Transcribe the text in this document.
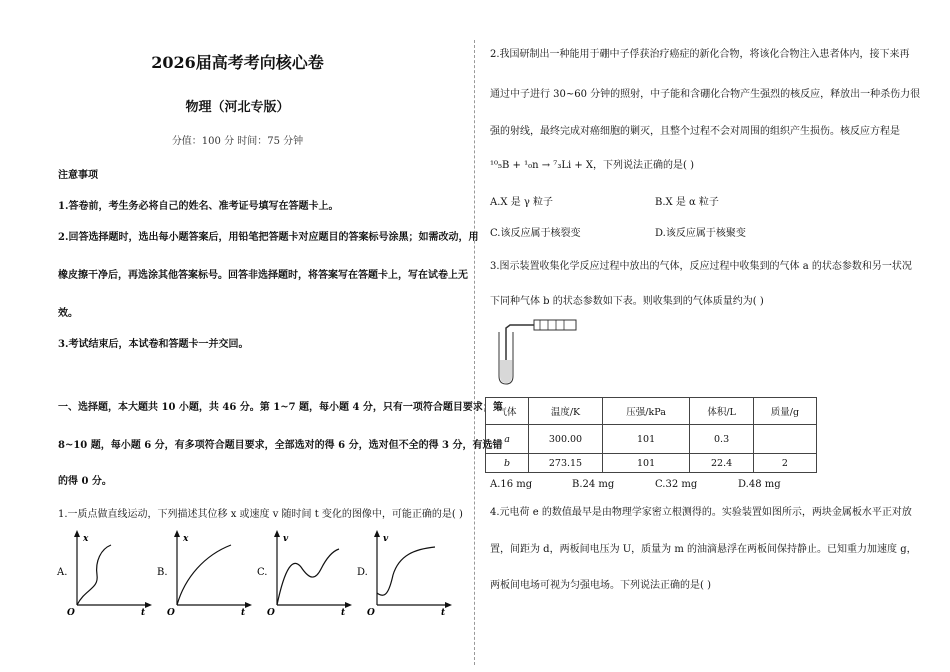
2026届高考考向核心卷
物理（河北专版）
分值：100 分 时间：75 分钟
注意事项
1.答卷前，考生务必将自己的姓名、准考证号填写在答题卡上。
2.回答选择题时，选出每小题答案后，用铅笔把答题卡对应题目的答案标号涂黑；如需改动，用
橡皮擦干净后，再选涂其他答案标号。回答非选择题时，将答案写在答题卡上，写在试卷上无
效。
3.考试结束后，本试卷和答题卡一并交回。
一、选择题，本大题共 10 小题，共 46 分。第 1~7 题，每小题 4 分，只有一项符合题目要求；第
8~10 题，每小题 6 分，有多项符合题目要求，全部选对的得 6 分，选对但不全的得 3 分，有选错
的得 0 分。
1.一质点做直线运动，下列描述其位移 x 或速度 v 随时间 t 变化的图像中，可能正确的是( )
A.
x
t
O
B.
x
t
O
C.
v
t
O
D.
v
t
O
2.我国研制出一种能用于硼中子俘获治疗癌症的新化合物，将该化合物注入患者体内，接下来再
通过中子进行 30~60 分钟的照射，中子能和含硼化合物产生强烈的核反应，释放出一种杀伤力很
强的射线，最终完成对癌细胞的剿灭，且整个过程不会对周围的组织产生损伤。核反应方程是
¹⁰₅B + ¹₀n → ⁷₃Li + X，下列说法正确的是( )
A.X 是 γ 粒子	B.X 是 α 粒子
C.该反应属于核裂变	D.该反应属于核聚变
3.图示装置收集化学反应过程中放出的气体，反应过程中收集到的气体 a 的状态参数和另一状况
下同种气体 b 的状态参数如下表。则收集到的气体质量约为( )
气体	温度/K	压强/kPa	体积/L	质量/g
a	300.00	101	0.3	
b	273.15	101	22.4	2
A.16 mg	B.24 mg	C.32 mg	D.48 mg
4.元电荷 e 的数值最早是由物理学家密立根测得的。实验装置如图所示，两块金属板水平正对放
置，间距为 d，两板间电压为 U，质量为 m 的油滴悬浮在两板间保持静止。已知重力加速度 g，
两板间电场可视为匀强电场。下列说法正确的是( )
